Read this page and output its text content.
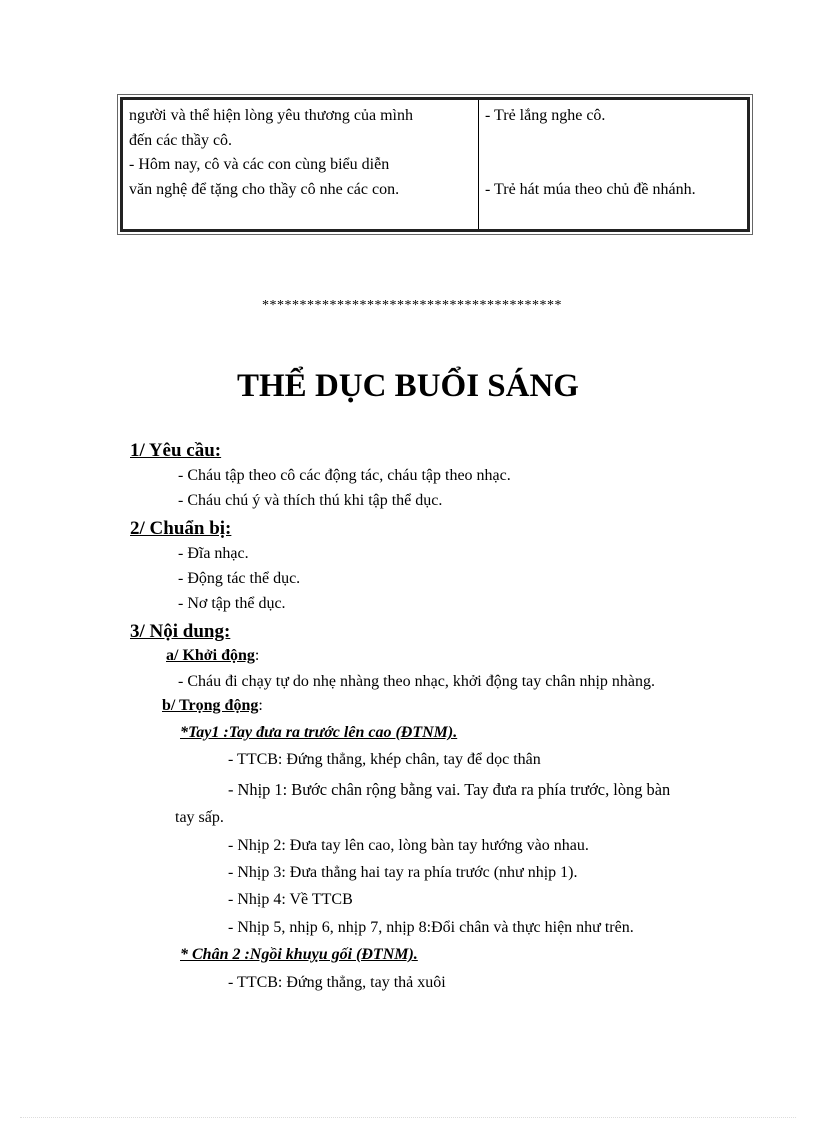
người và thể hiện lòng yêu thương của mình
đến các thầy cô.
- Hôm nay, cô và các con cùng biểu diễn
văn nghệ để tặng cho thầy cô nhe các con.
- Trẻ lắng nghe cô.
- Trẻ hát múa theo chủ đề nhánh.
****************************************
THỂ DỤC BUỔI SÁNG
1/ Yêu cầu:
- Cháu tập theo cô các động tác, cháu tập theo nhạc.
- Cháu chú ý và thích thú khi tập thể dục.
2/ Chuẩn bị:
- Đĩa nhạc.
- Động tác thể dục.
- Nơ tập thể dục.
3/ Nội dung:
a/ Khởi động:
- Cháu đi chạy tự do nhẹ nhàng theo nhạc, khởi động tay chân nhịp nhàng.
b/ Trọng động:
*Tay1 :Tay đưa ra trước lên cao (ĐTNM).
- TTCB: Đứng thẳng, khép chân, tay để dọc thân
- Nhịp 1: Bước chân rộng bằng vai. Tay đưa ra phía trước, lòng bàn
tay sấp.
- Nhịp 2: Đưa tay lên cao, lòng bàn tay hướng vào nhau.
- Nhịp 3: Đưa thẳng hai tay ra phía trước (như nhịp 1).
- Nhịp 4: Về TTCB
- Nhịp 5, nhịp 6, nhịp 7, nhịp 8:Đổi chân và thực hiện như trên.
* Chân 2 :Ngồi khuỵu gối (ĐTNM).
- TTCB: Đứng thẳng, tay thả xuôi
